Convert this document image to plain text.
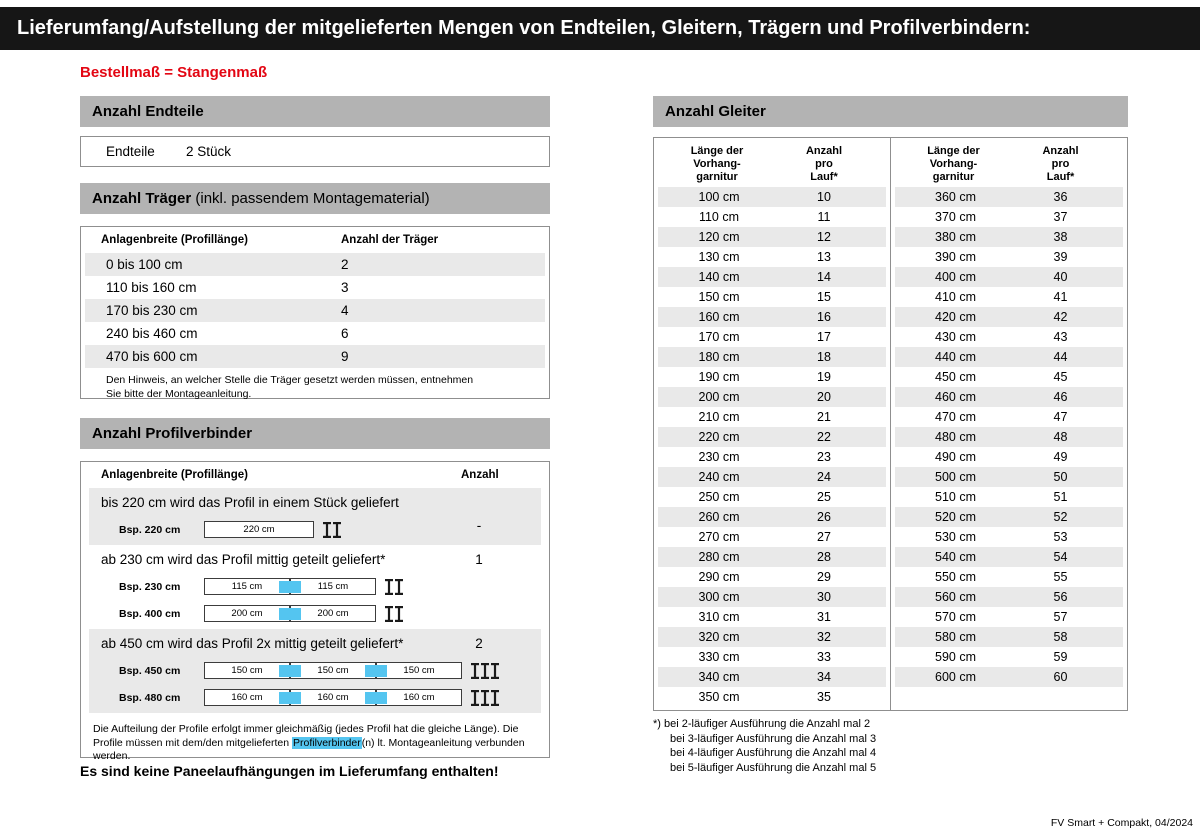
Lieferumfang/Aufstellung der mitgelieferten Mengen von Endteilen, Gleitern, Trägern und Profilverbindern:
Bestellmaß = Stangenmaß
Anzahl Endteile
Endteile 2 Stück
Anzahl Träger (inkl. passendem Montagematerial)
Anlagenbreite (Profillänge)	Anzahl der Träger
0 bis 100 cm	2
110 bis 160 cm	3
170 bis 230 cm	4
240 bis 460 cm	6
470 bis 600 cm	9
Den Hinweis, an welcher Stelle die Träger gesetzt werden müssen, entnehmen Sie bitte der Montageanleitung.
Anzahl Profilverbinder
Anlagenbreite (Profillänge)	Anzahl
bis 220 cm wird das Profil in einem Stück geliefert
-
Bsp. 220 cm	220 cm
ab 230 cm wird das Profil mittig geteilt geliefert*	1
Bsp. 230 cm	115 cm	115 cm
Bsp. 400 cm	200 cm	200 cm
ab 450 cm wird das Profil 2x mittig geteilt geliefert*	2
Bsp. 450 cm	150 cm	150 cm	150 cm
Bsp. 480 cm	160 cm	160 cm	160 cm
Die Aufteilung der Profile erfolgt immer gleichmäßig (jedes Profil hat die gleiche Länge). Die Profile müssen mit dem/den mitgelieferten Profilverbinder(n) lt. Montageanleitung verbunden werden.
Es sind keine Paneelaufhängungen im Lieferumfang enthalten!
Anzahl Gleiter
Länge der
Vorhang-
garnitur
Anzahl
pro
Lauf*
100 cm	10
110 cm	11
120 cm	12
130 cm	13
140 cm	14
150 cm	15
160 cm	16
170 cm	17
180 cm	18
190 cm	19
200 cm	20
210 cm	21
220 cm	22
230 cm	23
240 cm	24
250 cm	25
260 cm	26
270 cm	27
280 cm	28
290 cm	29
300 cm	30
310 cm	31
320 cm	32
330 cm	33
340 cm	34
350 cm	35
Länge der
Vorhang-
garnitur
Anzahl
pro
Lauf*
360 cm	36
370 cm	37
380 cm	38
390 cm	39
400 cm	40
410 cm	41
420 cm	42
430 cm	43
440 cm	44
450 cm	45
460 cm	46
470 cm	47
480 cm	48
490 cm	49
500 cm	50
510 cm	51
520 cm	52
530 cm	53
540 cm	54
550 cm	55
560 cm	56
570 cm	57
580 cm	58
590 cm	59
600 cm	60
*) bei 2-läufiger Ausführung die Anzahl mal 2
bei 3-läufiger Ausführung die Anzahl mal 3
bei 4-läufiger Ausführung die Anzahl mal 4
bei 5-läufiger Ausführung die Anzahl mal 5
FV Smart + Compakt, 04/2024
